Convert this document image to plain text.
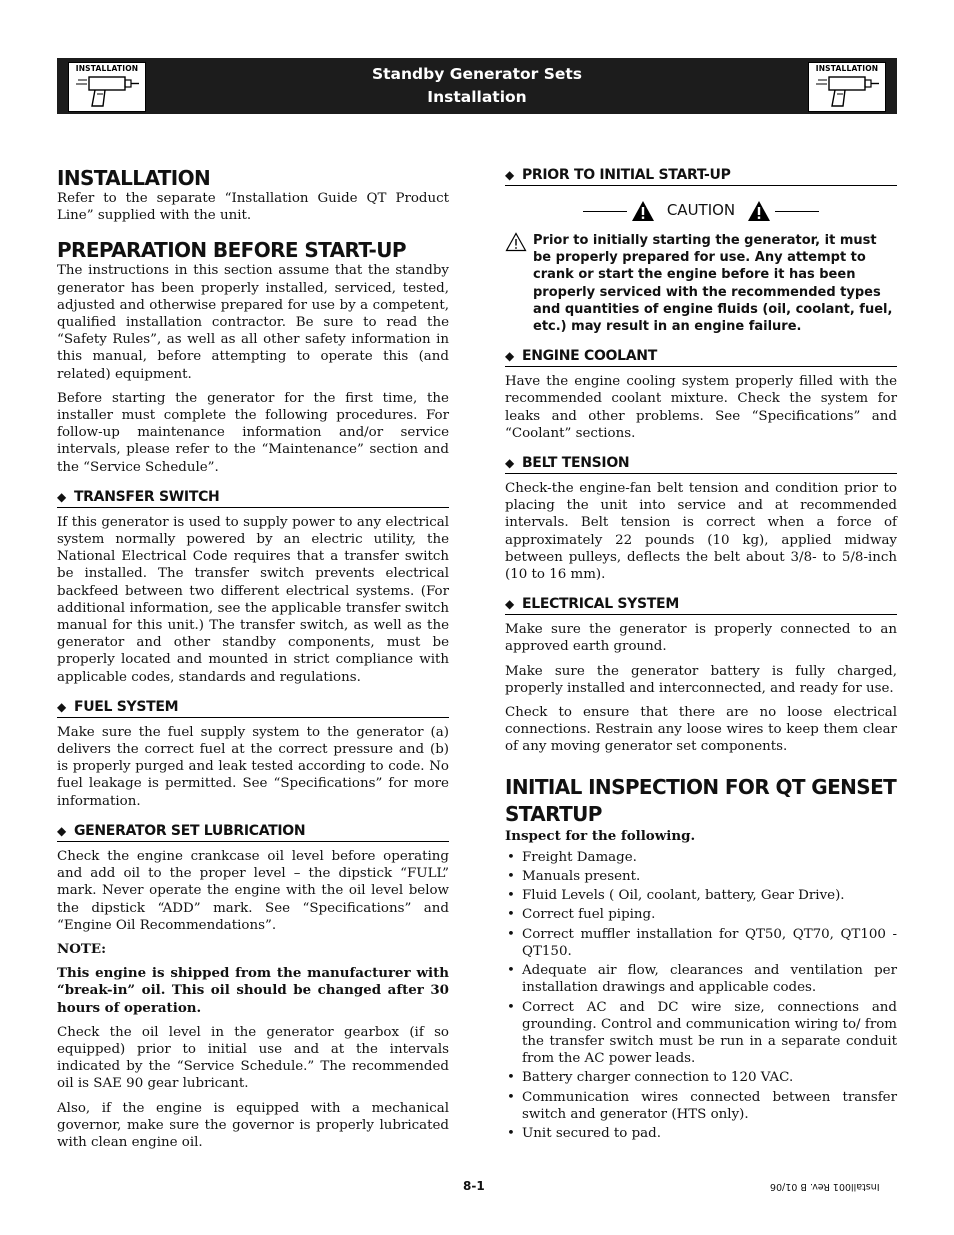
INSTALLATION	Standby Generator Sets
Installation
INSTALLATION
INSTALLATION

Refer to the separate “Installation Guide QT Product Line” supplied with the unit.

PREPARATION BEFORE START-UP

The instructions in this section assume that the standby generator has been properly installed, serviced, tested, adjusted and otherwise prepared for use by a competent, qualified installation contractor. Be sure to read the “Safety Rules”, as well as all other safety information in this manual, before attempting to operate this (and related) equipment.

Before starting the generator for the first time, the installer must complete the following procedures. For follow-up maintenance information and/or service intervals, please refer to the “Maintenance” section and the “Service Schedule”.

◆ TRANSFER SWITCH

If this generator is used to supply power to any electrical system normally powered by an electric utility, the National Electrical Code requires that a transfer switch be installed. The transfer switch prevents electrical backfeed between two different electrical systems. (For additional information, see the applicable transfer switch manual for this unit.) The transfer switch, as well as the generator and other standby components, must be properly located and mounted in strict compliance with applicable codes, standards and regulations.

◆ FUEL SYSTEM

Make sure the fuel supply system to the generator (a) delivers the correct fuel at the correct pressure and (b) is properly purged and leak tested according to code. No fuel leakage is permitted. See “Specifications” for more information.

◆ GENERATOR SET LUBRICATION

Check the engine crankcase oil level before operating and add oil to the proper level – the dipstick “FULL” mark. Never operate the engine with the oil level below the dipstick “ADD” mark. See “Specifications” and “Engine Oil Recommendations”.

NOTE:

This engine is shipped from the manufacturer with “break-in” oil. This oil should be changed after 30 hours of operation.

Check the oil level in the generator gearbox (if so equipped) prior to initial use and at the intervals indicated by the “Service Schedule.” The recommended oil is SAE 90 gear lubricant.

Also, if the engine is equipped with a mechanical governor, make sure the governor is properly lubricated with clean engine oil.

◆ PRIOR TO INITIAL START-UP
CAUTION
Prior to initially starting the generator, it must be properly prepared for use. Any attempt to crank or start the engine before it has been properly serviced with the recommended types and quantities of engine fluids (oil, coolant, fuel, etc.) may result in an engine failure.
◆ ENGINE COOLANT

Have the engine cooling system properly filled with the recommended coolant mixture. Check the system for leaks and other problems. See “Specifications” and “Coolant” sections.

◆ BELT TENSION

Check-the engine-fan belt tension and condition prior to placing the unit into service and at recommended intervals. Belt tension is correct when a force of approximately 22 pounds (10 kg), applied midway between pulleys, deflects the belt about 3/8- to 5/8-inch (10 to 16 mm).

◆ ELECTRICAL SYSTEM

Make sure the generator is properly connected to an approved earth ground.

Make sure the generator battery is fully charged, properly installed and interconnected, and ready for use.

Check to ensure that there are no loose electrical connections. Restrain any loose wires to keep them clear of any moving generator set components.

INITIAL INSPECTION FOR QT GENSET STARTUP

Inspect for the following.

• Freight Damage.
• Manuals present.
• Fluid Levels ( Oil, coolant, battery, Gear Drive).
• Correct fuel piping.
• Correct muffler installation for QT50, QT70, QT100 - QT150.
• Adequate air flow, clearances and ventilation per installation drawings and applicable codes.
• Correct AC and DC wire size, connections and grounding. Control and communication wiring to/ from the transfer switch must be run in a separate conduit from the AC power leads.
• Battery charger connection to 120 VAC.
• Communication wires connected between transfer switch and generator (HTS only).
• Unit secured to pad.
8-1	Install001 Rev. B 01/06
